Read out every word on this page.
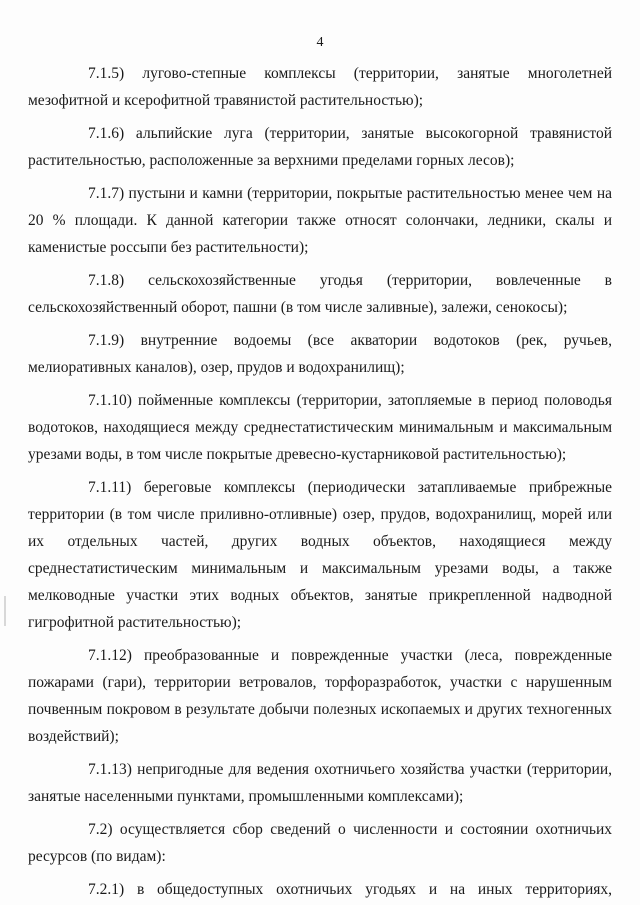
4

7.1.5) лугово-степные комплексы (территории, занятые многолетней
мезофитной и ксерофитной травянистой растительностью);

7.1.6) альпийские луга (территории, занятые высокогорной травянистой
растительностью, расположенные за верхними пределами горных лесов);

7.1.7) пустыни и камни (территории, покрытые растительностью менее чем на
20 % площади. К данной категории также относят солончаки, ледники, скалы и каменистые россыпи без растительности);

7.1.8) сельскохозяйственные угодья (территории, вовлеченные в
сельскохозяйственный оборот, пашни (в том числе заливные), залежи, сенокосы);

7.1.9) внутренние водоемы (все акватории водотоков (рек, ручьев,
мелиоративных каналов), озер, прудов и водохранилищ);

7.1.10) пойменные комплексы (территории, затопляемые в период половодья
водотоков, находящиеся между среднестатистическим минимальным и максимальным урезами воды, в том числе покрытые древесно-кустарниковой растительностью);

7.1.11) береговые комплексы (периодически затапливаемые прибрежные
территории (в том числе приливно-отливные) озер, прудов, водохранилищ, морей или их отдельных частей, других водных объектов, находящиеся между среднестатистическим минимальным и максимальным урезами воды, а также мелководные участки этих водных объектов, занятые прикрепленной надводной гигрофитной растительностью);

7.1.12) преобразованные и поврежденные участки (леса, поврежденные
пожарами (гари), территории ветровалов, торфоразработок, участки с нарушенным почвенным покровом в результате добычи полезных ископаемых и других техногенных воздействий);

7.1.13) непригодные для ведения охотничьего хозяйства участки (территории,
занятые населенными пунктами, промышленными комплексами);

7.2) осуществляется сбор сведений о численности и состоянии охотничьих
ресурсов (по видам):

7.2.1) в общедоступных охотничьих угодьях и на иных территориях,
